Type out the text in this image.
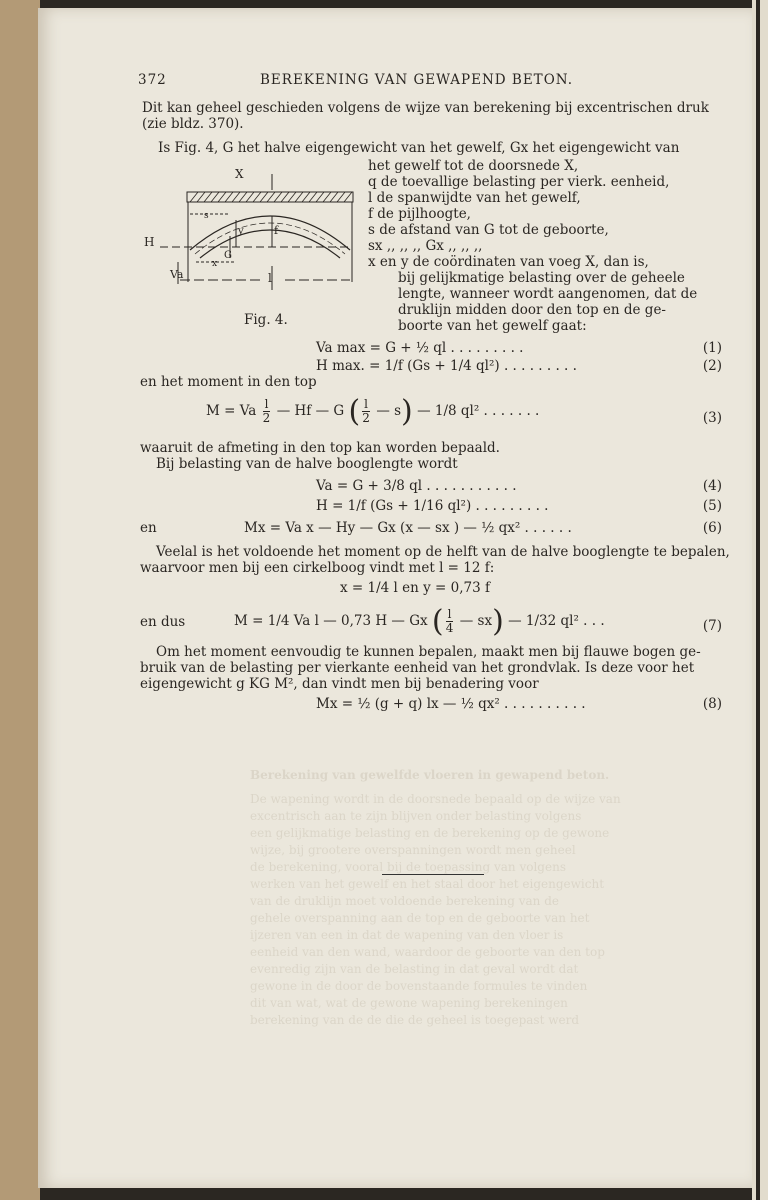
372	BEREKENING VAN GEWAPEND BETON.
Dit kan geheel geschieden volgens de wijze van berekening bij excentrischen druk
(zie bldz. 370).
Is Fig. 4, G het halve eigengewicht van het gewelf, Gx het eigengewicht van
het gewelf tot de doorsnede X,
q de toevallige belasting per vierk. eenheid,
l de spanwijdte van het gewelf,
f de pijlhoogte,
s de afstand van G tot de geboorte,
sx ,, ,, ,, Gx ,, ,, ,,
x en y de coördinaten van voeg X, dan is,
bij gelijkmatige belasting over de geheele
lengte, wanneer wordt aangenomen, dat de
druklijn midden door den top en de ge-
boorte van het gewelf gaat:
X
H
Va
f
y
G
s
x
l
Fig. 4.
Va max = G + ½ ql . . . . . . . . .	(1)
H max. = 1/f (Gs + 1/4 ql²) . . . . . . . . .	(2)
en het moment in den top
M = Va $\frac{l}{2}$ — Hf — G ( $\frac{l}{2}$ — s) — 1/8 ql² . . . . . . .	(3)
waaruit de afmeting in den top kan worden bepaald.
Bij belasting van de halve booglengte wordt
Va = G + 3/8 ql . . . . . . . . . . .	(4)
H = 1/f (Gs + 1/16 ql²) . . . . . . . . .	(5)
en	Mx = Va x — Hy — Gx (x — sx ) — ½ qx² . . . . . .	(6)
Veelal is het voldoende het moment op de helft van de halve booglengte te bepalen,
waarvoor men bij een cirkelboog vindt met l = 12 f:
x = 1/4 l en y = 0,73 f
en dus	M = 1/4 Va l — 0,73 H — Gx ( $\frac{l}{4}$ — sx) — 1/32 ql² . . .	(7)
Om het moment eenvoudig te kunnen bepalen, maakt men bij flauwe bogen ge-
bruik van de belasting per vierkante eenheid van het grondvlak. Is deze voor het
eigengewicht g KG M², dan vindt men bij benadering voor
Mx = ½ (g + q) lx — ½ qx² . . . . . . . . . .	(8)
Berekening van gewelfde vloeren in gewapend beton.
De wapening wordt in de doorsnede bepaald op de wijze van
excentrisch aan te zijn blijven onder belasting volgens
een gelijkmatige belasting en de berekening op de gewone
wijze, bij grootere overspanningen wordt men geheel
de berekening, vooral bij de toepassing van volgens
werken van het gewelf en het staal door het eigengewicht
van de druklijn moet voldoende berekening van de
gehele overspanning aan de top en de geboorte van het
ijzeren van een in dat de wapening van den vloer is
eenheid van den wand, waardoor de geboorte van den top
evenredig zijn van de belasting in dat geval wordt dat
gewone in de door de bovenstaande formules te vinden
dit van wat, wat de gewone wapening berekeningen
berekening van de de die de geheel is toegepast werd
